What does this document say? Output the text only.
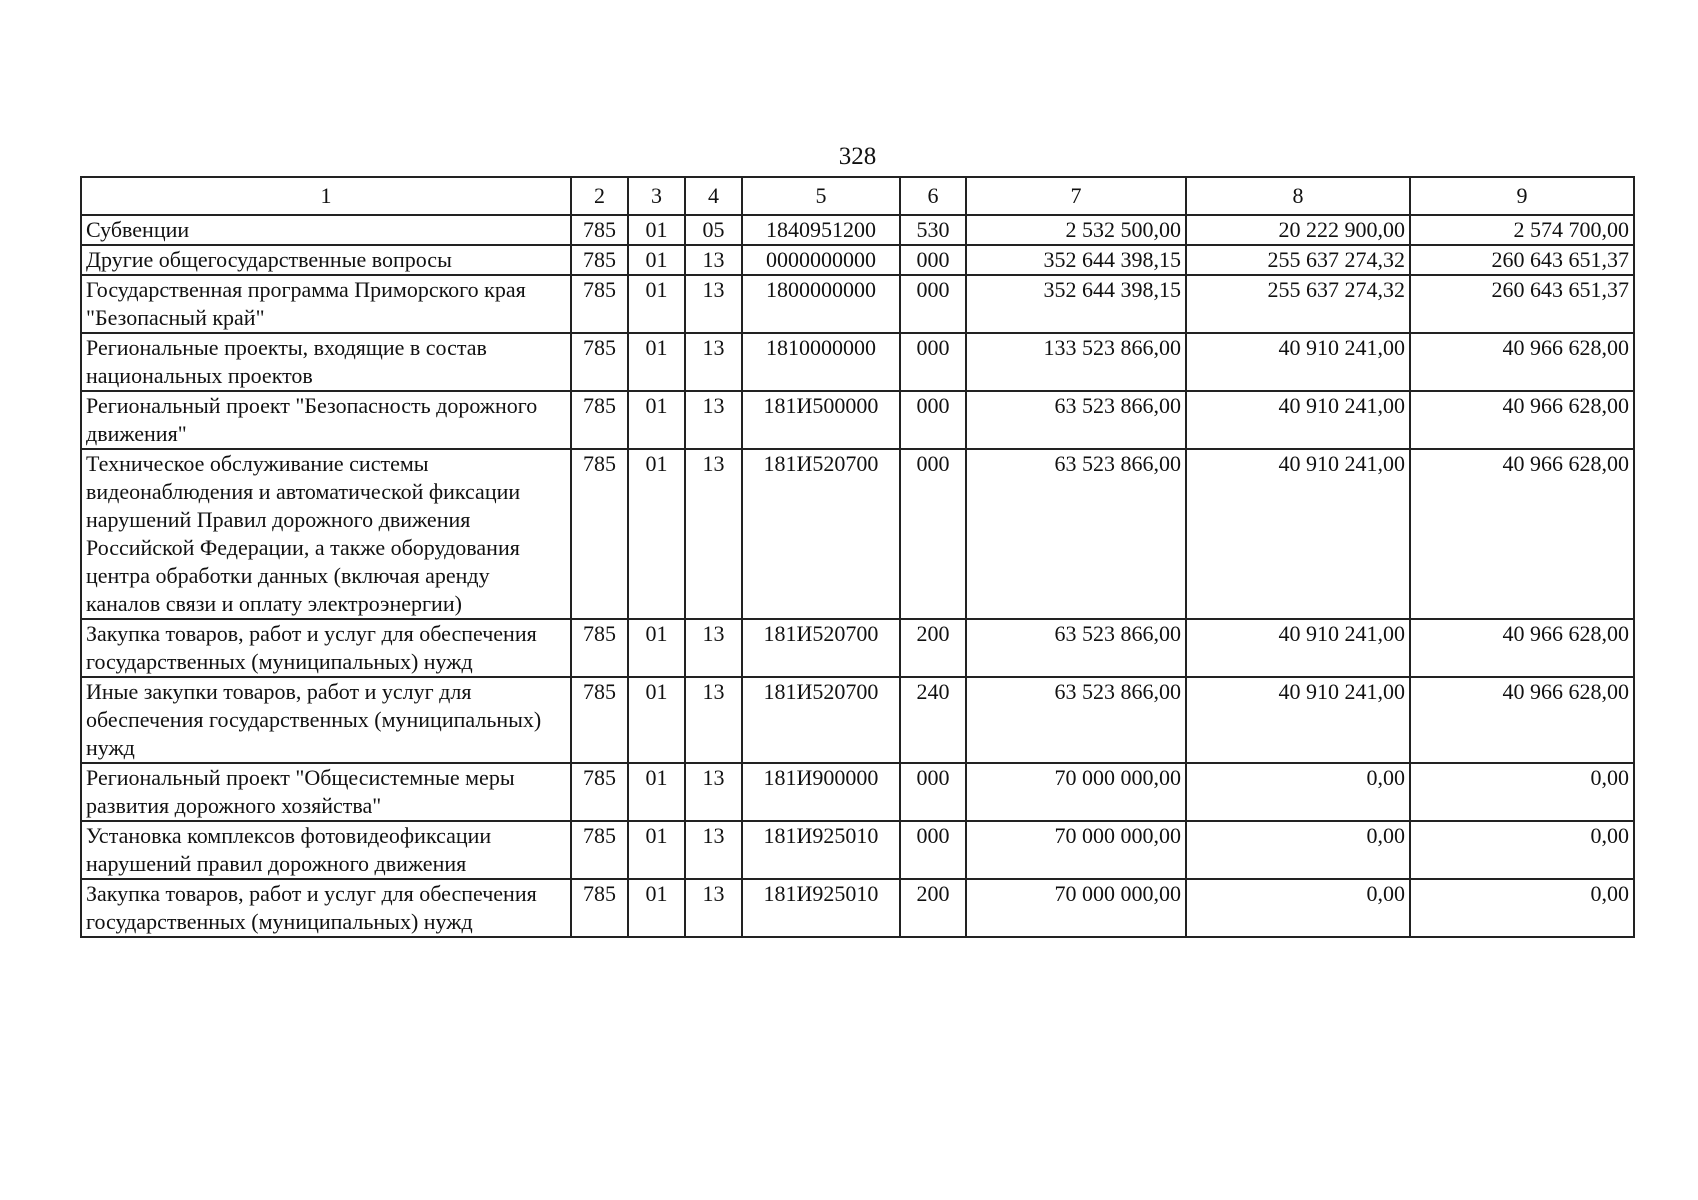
328
1	2	3	4	5	6	7	8	9
Субвенции	785	01	05	1840951200	530	2 532 500,00	20 222 900,00	2 574 700,00
Другие общегосударственные вопросы	785	01	13	0000000000	000	352 644 398,15	255 637 274,32	260 643 651,37
Государственная программа Приморского края "Безопасный край"	785	01	13	1800000000	000	352 644 398,15	255 637 274,32	260 643 651,37
Региональные проекты, входящие в состав национальных проектов	785	01	13	1810000000	000	133 523 866,00	40 910 241,00	40 966 628,00
Региональный проект "Безопасность дорожного движения"	785	01	13	181И500000	000	63 523 866,00	40 910 241,00	40 966 628,00
Техническое обслуживание системы видеонаблюдения и автоматической фиксации нарушений Правил дорожного движения Российской Федерации, а также оборудования центра обработки данных (включая аренду каналов связи и оплату электроэнергии)	785	01	13	181И520700	000	63 523 866,00	40 910 241,00	40 966 628,00
Закупка товаров, работ и услуг для обеспечения государственных (муниципальных) нужд	785	01	13	181И520700	200	63 523 866,00	40 910 241,00	40 966 628,00
Иные закупки товаров, работ и услуг для обеспечения государственных (муниципальных) нужд	785	01	13	181И520700	240	63 523 866,00	40 910 241,00	40 966 628,00
Региональный проект "Общесистемные меры развития дорожного хозяйства"	785	01	13	181И900000	000	70 000 000,00	0,00	0,00
Установка комплексов фотовидеофиксации нарушений правил дорожного движения	785	01	13	181И925010	000	70 000 000,00	0,00	0,00
Закупка товаров, работ и услуг для обеспечения государственных (муниципальных) нужд	785	01	13	181И925010	200	70 000 000,00	0,00	0,00
